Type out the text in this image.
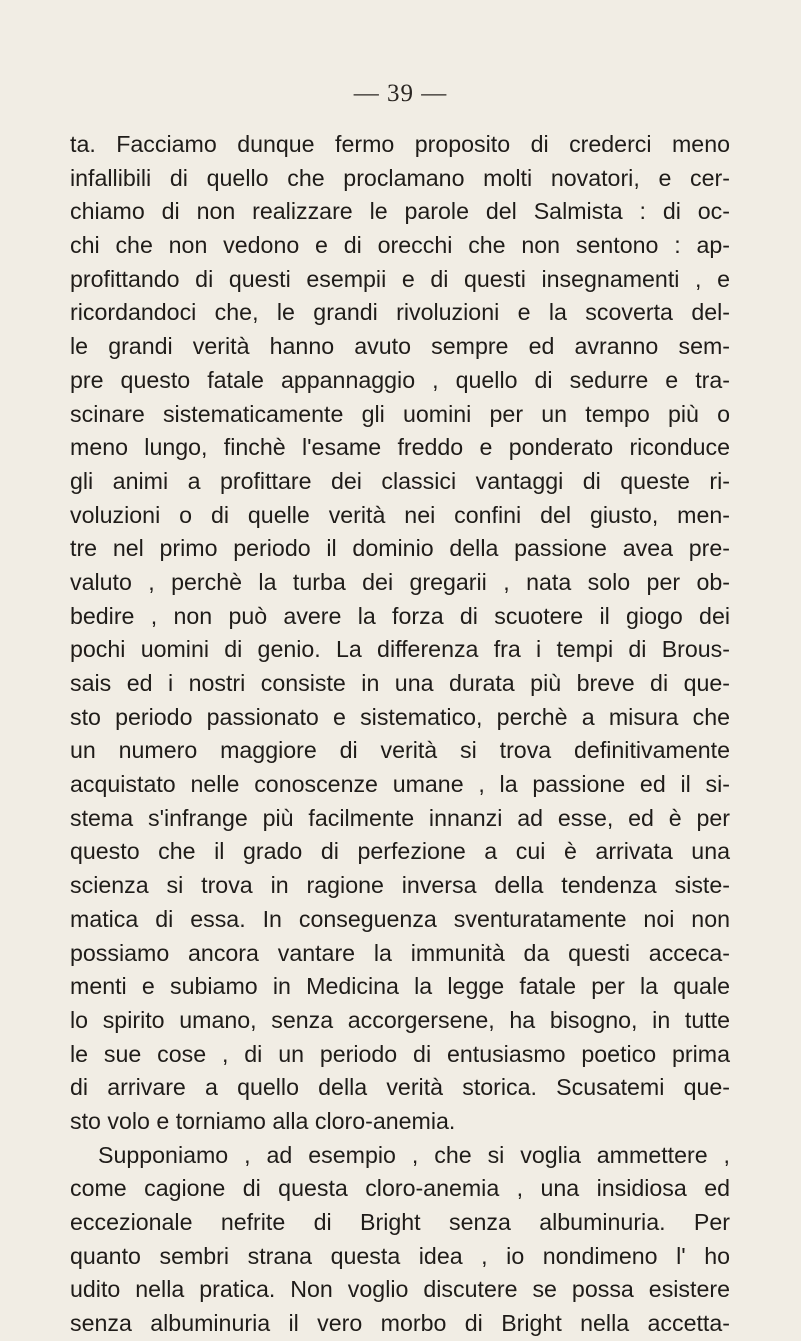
— 39 —
ta. Facciamo dunque fermo proposito di crederci meno
infallibili di quello che proclamano molti novatori, e cer-
chiamo di non realizzare le parole del Salmista : di oc-
chi che non vedono e di orecchi che non sentono : ap-
profittando di questi esempii e di questi insegnamenti , e
ricordandoci che, le grandi rivoluzioni e la scoverta del-
le grandi verità hanno avuto sempre ed avranno sem-
pre questo fatale appannaggio , quello di sedurre e tra-
scinare sistematicamente gli uomini per un tempo più o
meno lungo, finchè l'esame freddo e ponderato riconduce
gli animi a profittare dei classici vantaggi di queste ri-
voluzioni o di quelle verità nei confini del giusto, men-
tre nel primo periodo il dominio della passione avea pre-
valuto , perchè la turba dei gregarii , nata solo per ob-
bedire , non può avere la forza di scuotere il giogo dei
pochi uomini di genio. La differenza fra i tempi di Brous-
sais ed i nostri consiste in una durata più breve di que-
sto periodo passionato e sistematico, perchè a misura che
un numero maggiore di verità si trova definitivamente
acquistato nelle conoscenze umane , la passione ed il si-
stema s'infrange più facilmente innanzi ad esse, ed è per
questo che il grado di perfezione a cui è arrivata una
scienza si trova in ragione inversa della tendenza siste-
matica di essa. In conseguenza sventuratamente noi non
possiamo ancora vantare la immunità da questi acceca-
menti e subiamo in Medicina la legge fatale per la quale
lo spirito umano, senza accorgersene, ha bisogno, in tutte
le sue cose , di un periodo di entusiasmo poetico prima
di arrivare a quello della verità storica. Scusatemi que-
sto volo e torniamo alla cloro-anemia.
Supponiamo , ad esempio , che si voglia ammettere ,
come cagione di questa cloro-anemia , una insidiosa ed
eccezionale nefrite di Bright senza albuminuria. Per
quanto sembri strana questa idea , io nondimeno l' ho
udito nella pratica. Non voglio discutere se possa esistere
senza albuminuria il vero morbo di Bright nella accetta-
